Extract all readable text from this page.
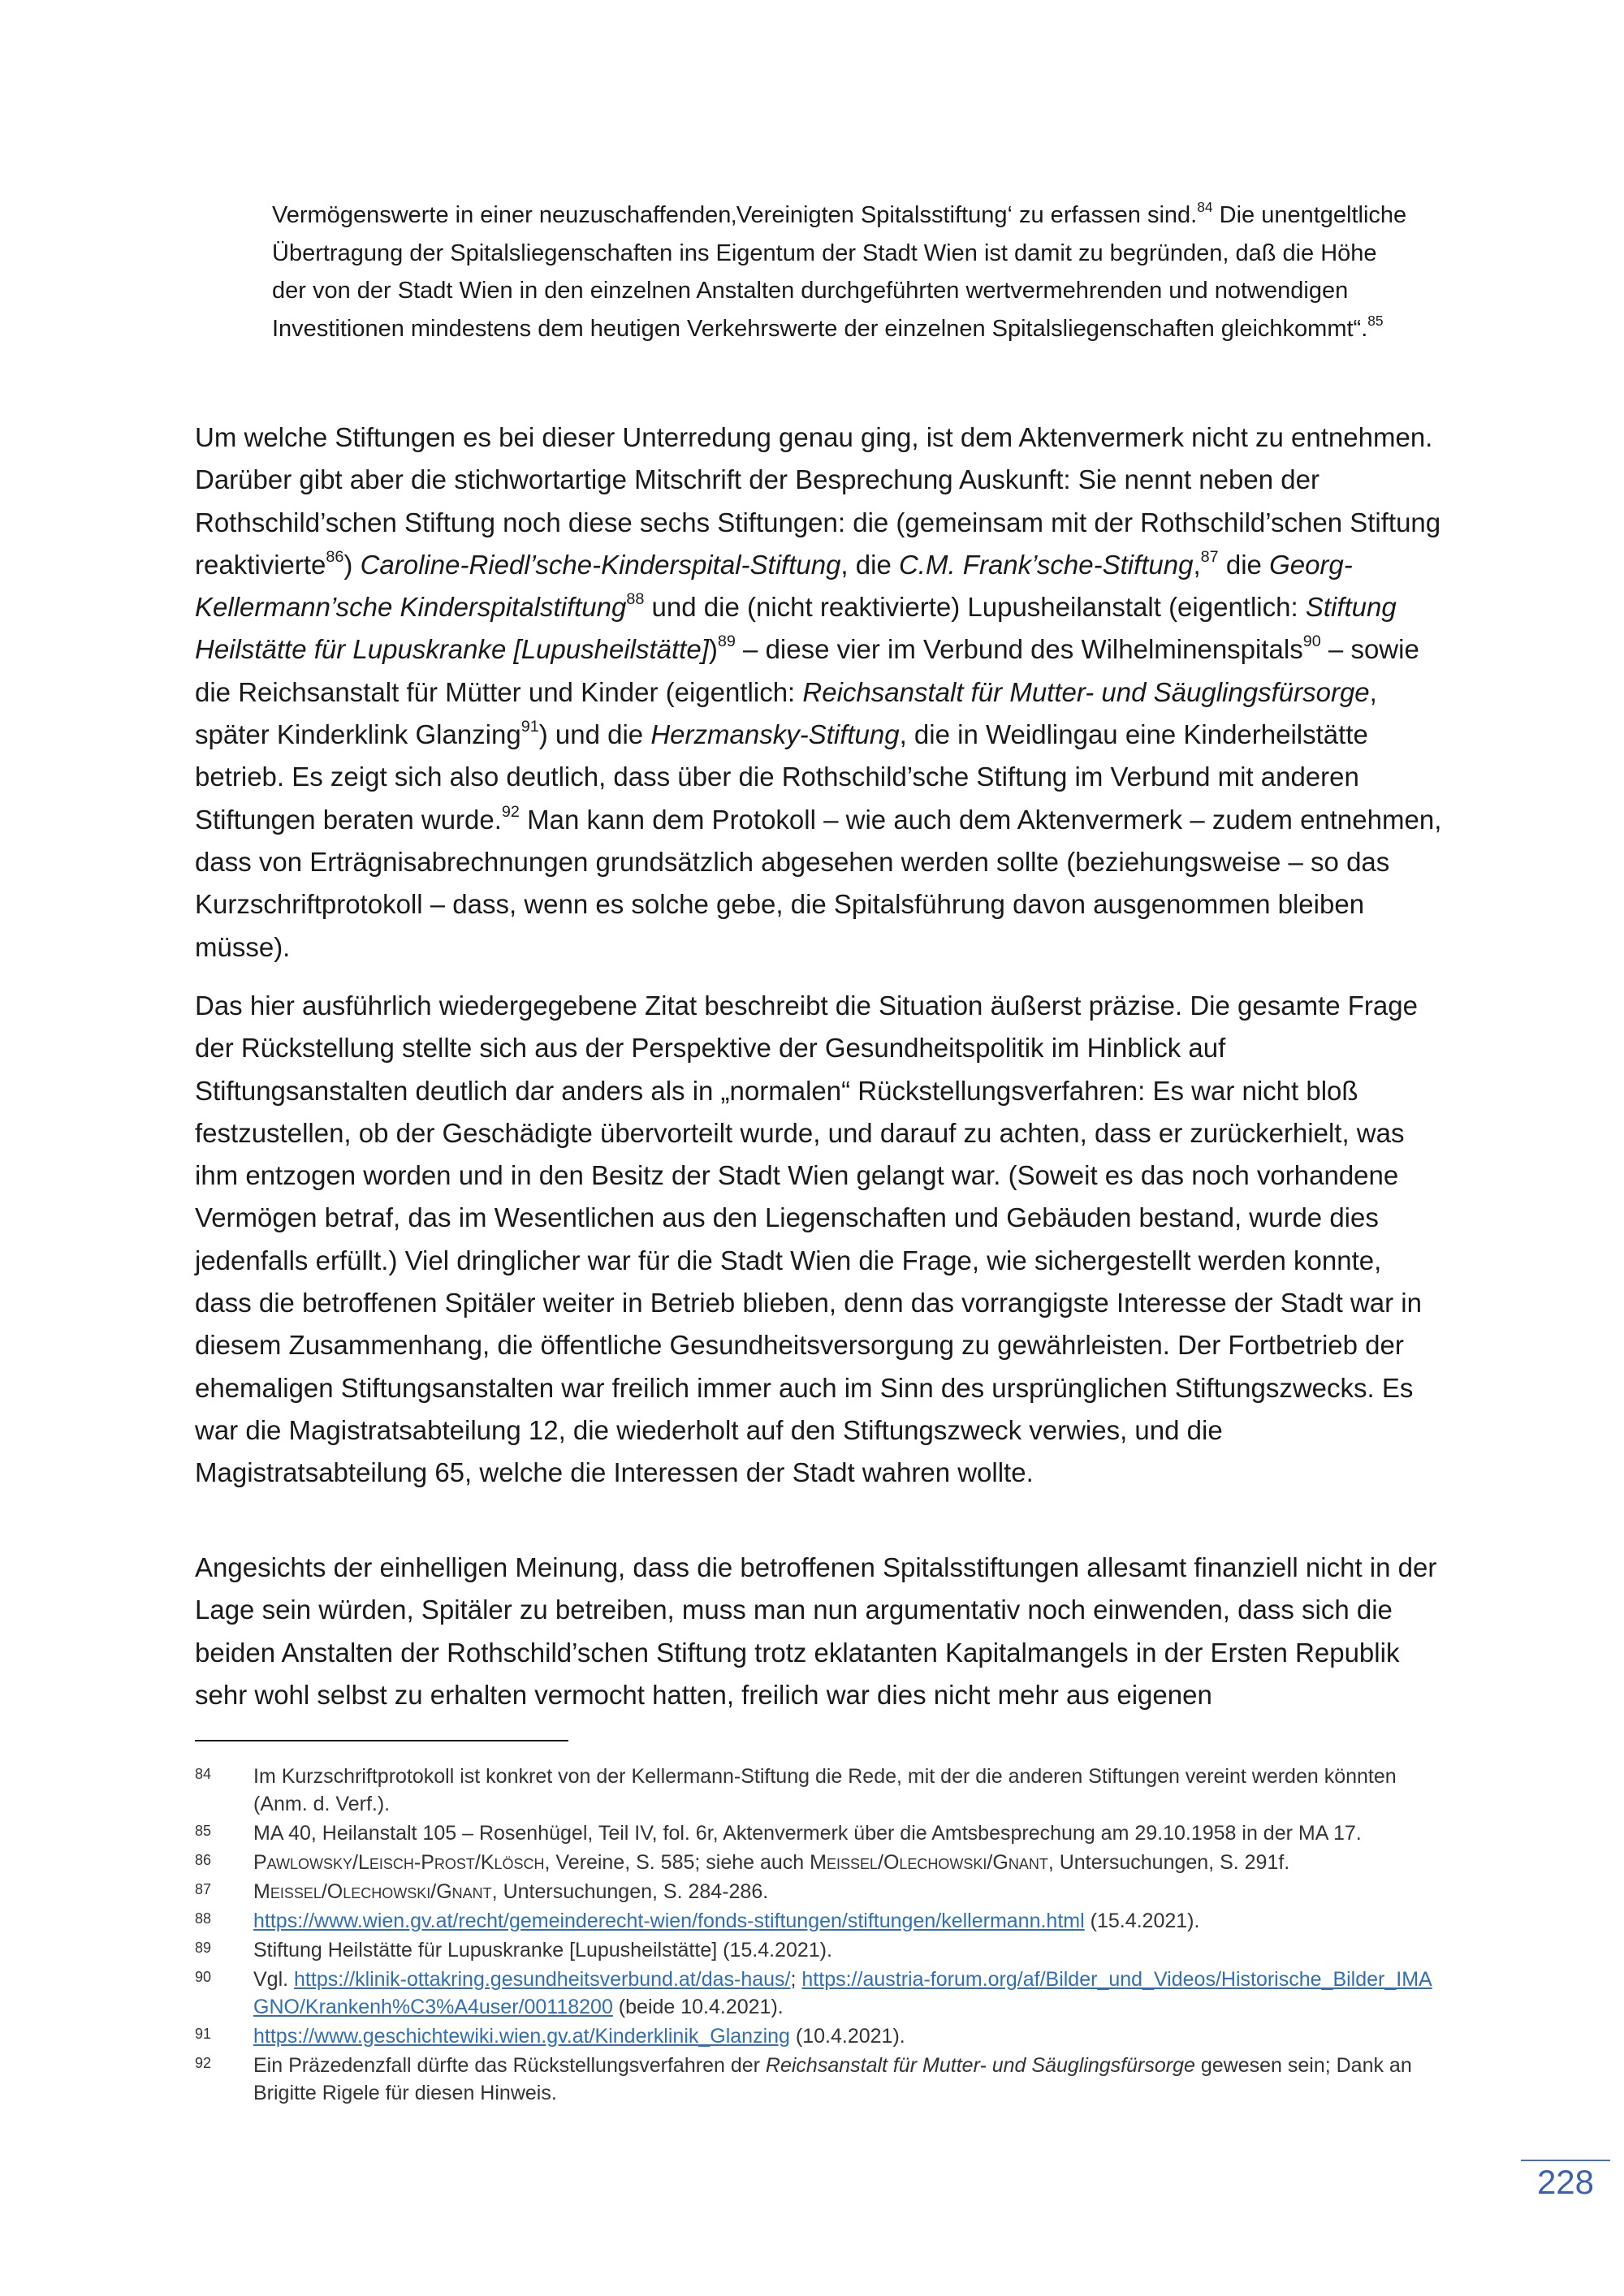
Vermögenswerte in einer neuzuschaffenden‚Vereinigten Spitalsstiftung‘ zu erfassen sind.$^{84}$ Die unentgeltliche Übertragung der Spitalsliegenschaften ins Eigentum der Stadt Wien ist damit zu begründen, daß die Höhe der von der Stadt Wien in den einzelnen Anstalten durchgeführten wertvermehrenden und notwendigen Investitionen mindestens dem heutigen Verkehrswerte der einzelnen Spitalsliegenschaften gleichkommt“.$^{85}$

Um welche Stiftungen es bei dieser Unterredung genau ging, ist dem Aktenvermerk nicht zu entnehmen. Darüber gibt aber die stichwortartige Mitschrift der Besprechung Auskunft: Sie nennt neben der Rothschild’schen Stiftung noch diese sechs Stiftungen: die (gemeinsam mit der Rothschild’schen Stiftung reaktivierte$^{86}$) Caroline-Riedl’sche-Kinderspital-Stiftung, die C.M. Frank’sche-Stiftung,$^{87}$ die Georg-Kellermann’sche Kinderspitalstiftung$^{88}$ und die (nicht reaktivierte) Lupusheilanstalt (eigentlich: Stiftung Heilstätte für Lupuskranke [Lupusheilstätte])$^{89}$ – diese vier im Verbund des Wilhelminenspitals$^{90}$ – sowie die Reichsanstalt für Mütter und Kinder (eigentlich: Reichsanstalt für Mutter- und Säuglingsfürsorge, später Kinderklink Glanzing$^{91}$) und die Herzmansky-Stiftung, die in Weidlingau eine Kinderheilstätte betrieb. Es zeigt sich also deutlich, dass über die Rothschild’sche Stiftung im Verbund mit anderen Stiftungen beraten wurde.$^{92}$ Man kann dem Protokoll – wie auch dem Aktenvermerk – zudem entnehmen, dass von Erträgnisabrechnungen grundsätzlich abgesehen werden sollte (beziehungsweise – so das Kurzschriftprotokoll – dass, wenn es solche gebe, die Spitalsführung davon ausgenommen bleiben müsse).

Das hier ausführlich wiedergegebene Zitat beschreibt die Situation äußerst präzise. Die gesamte Frage der Rückstellung stellte sich aus der Perspektive der Gesundheitspolitik im Hinblick auf Stiftungsanstalten deutlich dar anders als in „normalen“ Rückstellungsverfahren: Es war nicht bloß festzustellen, ob der Geschädigte übervorteilt wurde, und darauf zu achten, dass er zurückerhielt, was ihm entzogen worden und in den Besitz der Stadt Wien gelangt war. (Soweit es das noch vorhandene Vermögen betraf, das im Wesentlichen aus den Liegenschaften und Gebäuden bestand, wurde dies jedenfalls erfüllt.) Viel dringlicher war für die Stadt Wien die Frage, wie sichergestellt werden konnte, dass die betroffenen Spitäler weiter in Betrieb blieben, denn das vorrangigste Interesse der Stadt war in diesem Zusammenhang, die öffentliche Gesundheitsversorgung zu gewährleisten. Der Fortbetrieb der ehemaligen Stiftungsanstalten war freilich immer auch im Sinn des ursprünglichen Stiftungszwecks. Es war die Magistratsabteilung 12, die wiederholt auf den Stiftungszweck verwies, und die Magistratsabteilung 65, welche die Interessen der Stadt wahren wollte.

Angesichts der einhelligen Meinung, dass die betroffenen Spitalsstiftungen allesamt finanziell nicht in der Lage sein würden, Spitäler zu betreiben, muss man nun argumentativ noch einwenden, dass sich die beiden Anstalten der Rothschild’schen Stiftung trotz eklatanten Kapitalmangels in der Ersten Republik sehr wohl selbst zu erhalten vermocht hatten, freilich war dies nicht mehr aus eigenen

84	Im Kurzschriftprotokoll ist konkret von der Kellermann-Stiftung die Rede, mit der die anderen Stiftungen vereint werden könnten (Anm. d. Verf.).
85	MA 40, Heilanstalt 105 – Rosenhügel, Teil IV, fol. 6r, Aktenvermerk über die Amtsbesprechung am 29.10.1958 in der MA 17.
86	Pawlowsky/Leisch-Prost/Klösch, Vereine, S. 585; siehe auch Meissel/Olechowski/Gnant, Untersuchungen, S. 291f.
87	Meissel/Olechowski/Gnant, Untersuchungen, S. 284-286.
88	https://www.wien.gv.at/recht/gemeinderecht-wien/fonds-stiftungen/stiftungen/kellermann.html (15.4.2021).
89	Stiftung Heilstätte für Lupuskranke [Lupusheilstätte] (15.4.2021).
90	Vgl. https://klinik-ottakring.gesundheitsverbund.at/das-haus/; https://austria-forum.org/af/Bilder_und_Videos/Historische_Bilder_IMAGNO/Krankenh%C3%A4user/00118200 (beide 10.4.2021).
91	https://www.geschichtewiki.wien.gv.at/Kinderklinik_Glanzing (10.4.2021).
92	Ein Präzedenzfall dürfte das Rückstellungsverfahren der Reichsanstalt für Mutter- und Säuglingsfürsorge gewesen sein; Dank an Brigitte Rigele für diesen Hinweis.
228
